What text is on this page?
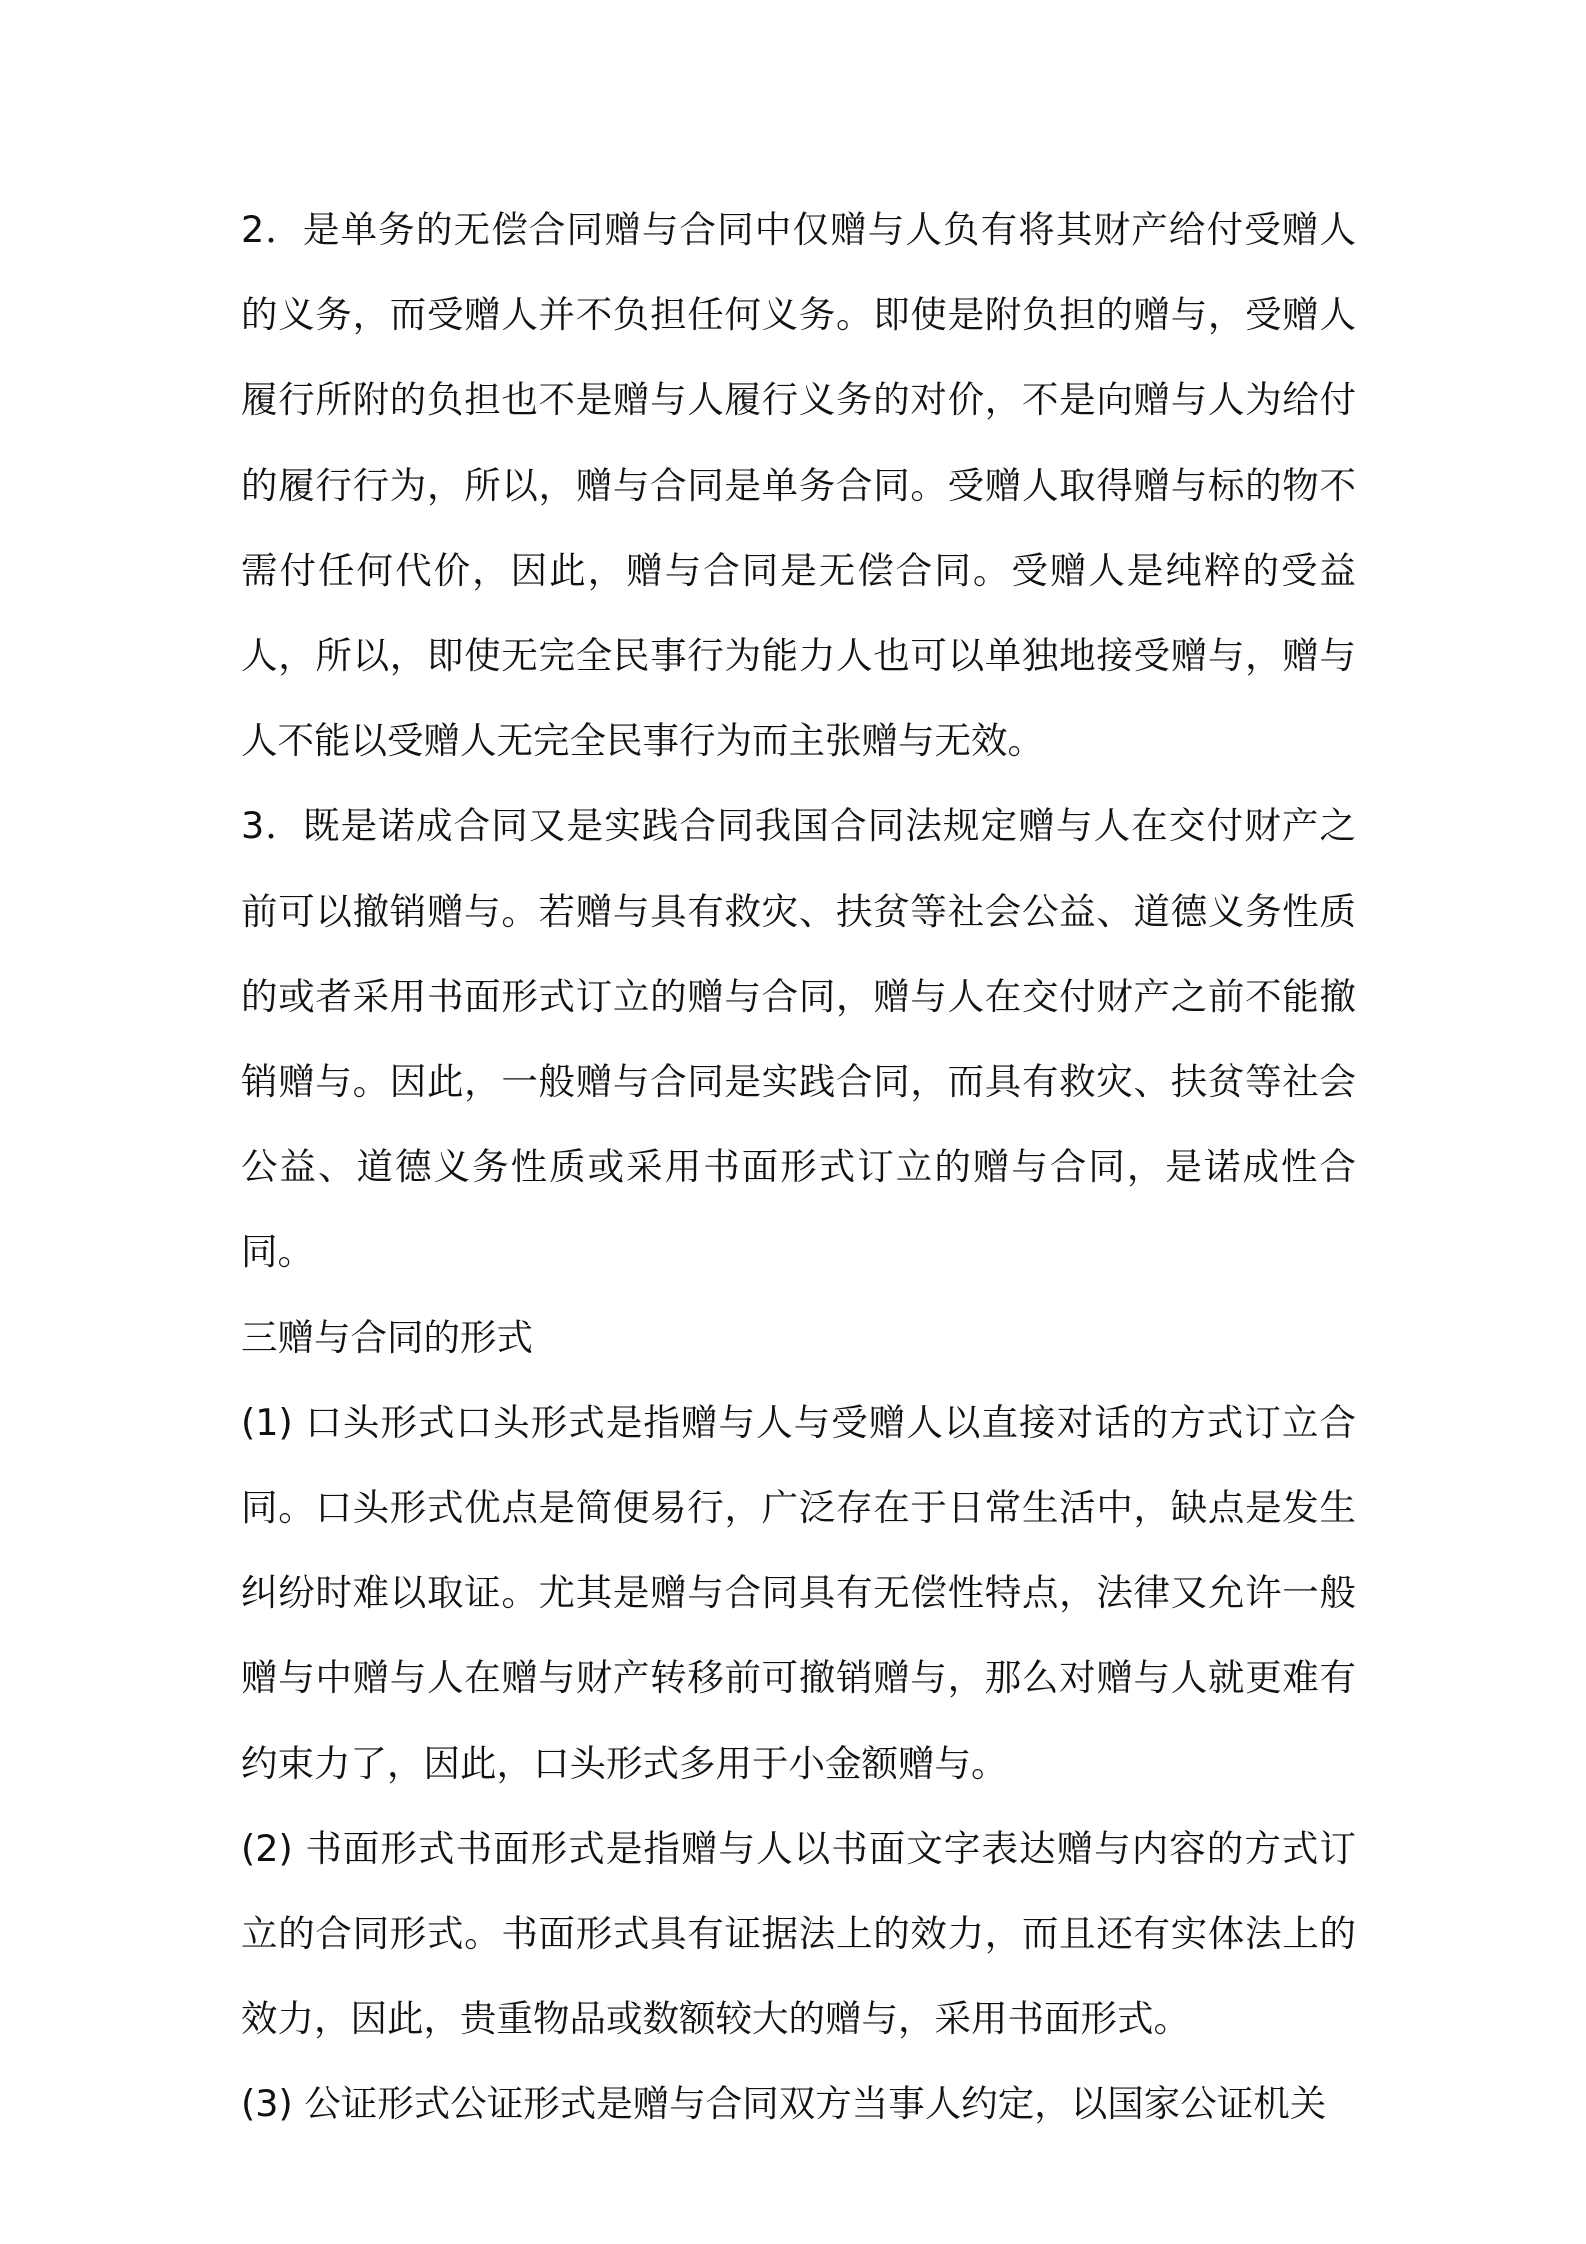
2．是单务的无偿合同赠与合同中仅赠与人负有将其财产给付受赠人的义务，而受赠人并不负担任何义务。即使是附负担的赠与，受赠人履行所附的负担也不是赠与人履行义务的对价，不是向赠与人为给付的履行行为，所以，赠与合同是单务合同。受赠人取得赠与标的物不需付任何代价，因此，赠与合同是无偿合同。受赠人是纯粹的受益人，所以，即使无完全民事行为能力人也可以单独地接受赠与，赠与人不能以受赠人无完全民事行为而主张赠与无效。

3．既是诺成合同又是实践合同我国合同法规定赠与人在交付财产之前可以撤销赠与。若赠与具有救灾、扶贫等社会公益、道德义务性质的或者采用书面形式订立的赠与合同，赠与人在交付财产之前不能撤销赠与。因此，一般赠与合同是实践合同，而具有救灾、扶贫等社会公益、道德义务性质或采用书面形式订立的赠与合同，是诺成性合同。

三赠与合同的形式

(1) 口头形式口头形式是指赠与人与受赠人以直接对话的方式订立合同。口头形式优点是简便易行，广泛存在于日常生活中，缺点是发生纠纷时难以取证。尤其是赠与合同具有无偿性特点，法律又允许一般赠与中赠与人在赠与财产转移前可撤销赠与，那么对赠与人就更难有约束力了，因此，口头形式多用于小金额赠与。

(2) 书面形式书面形式是指赠与人以书面文字表达赠与内容的方式订立的合同形式。书面形式具有证据法上的效力，而且还有实体法上的效力，因此，贵重物品或数额较大的赠与，采用书面形式。

(3) 公证形式公证形式是赠与合同双方当事人约定，以国家公证机关
